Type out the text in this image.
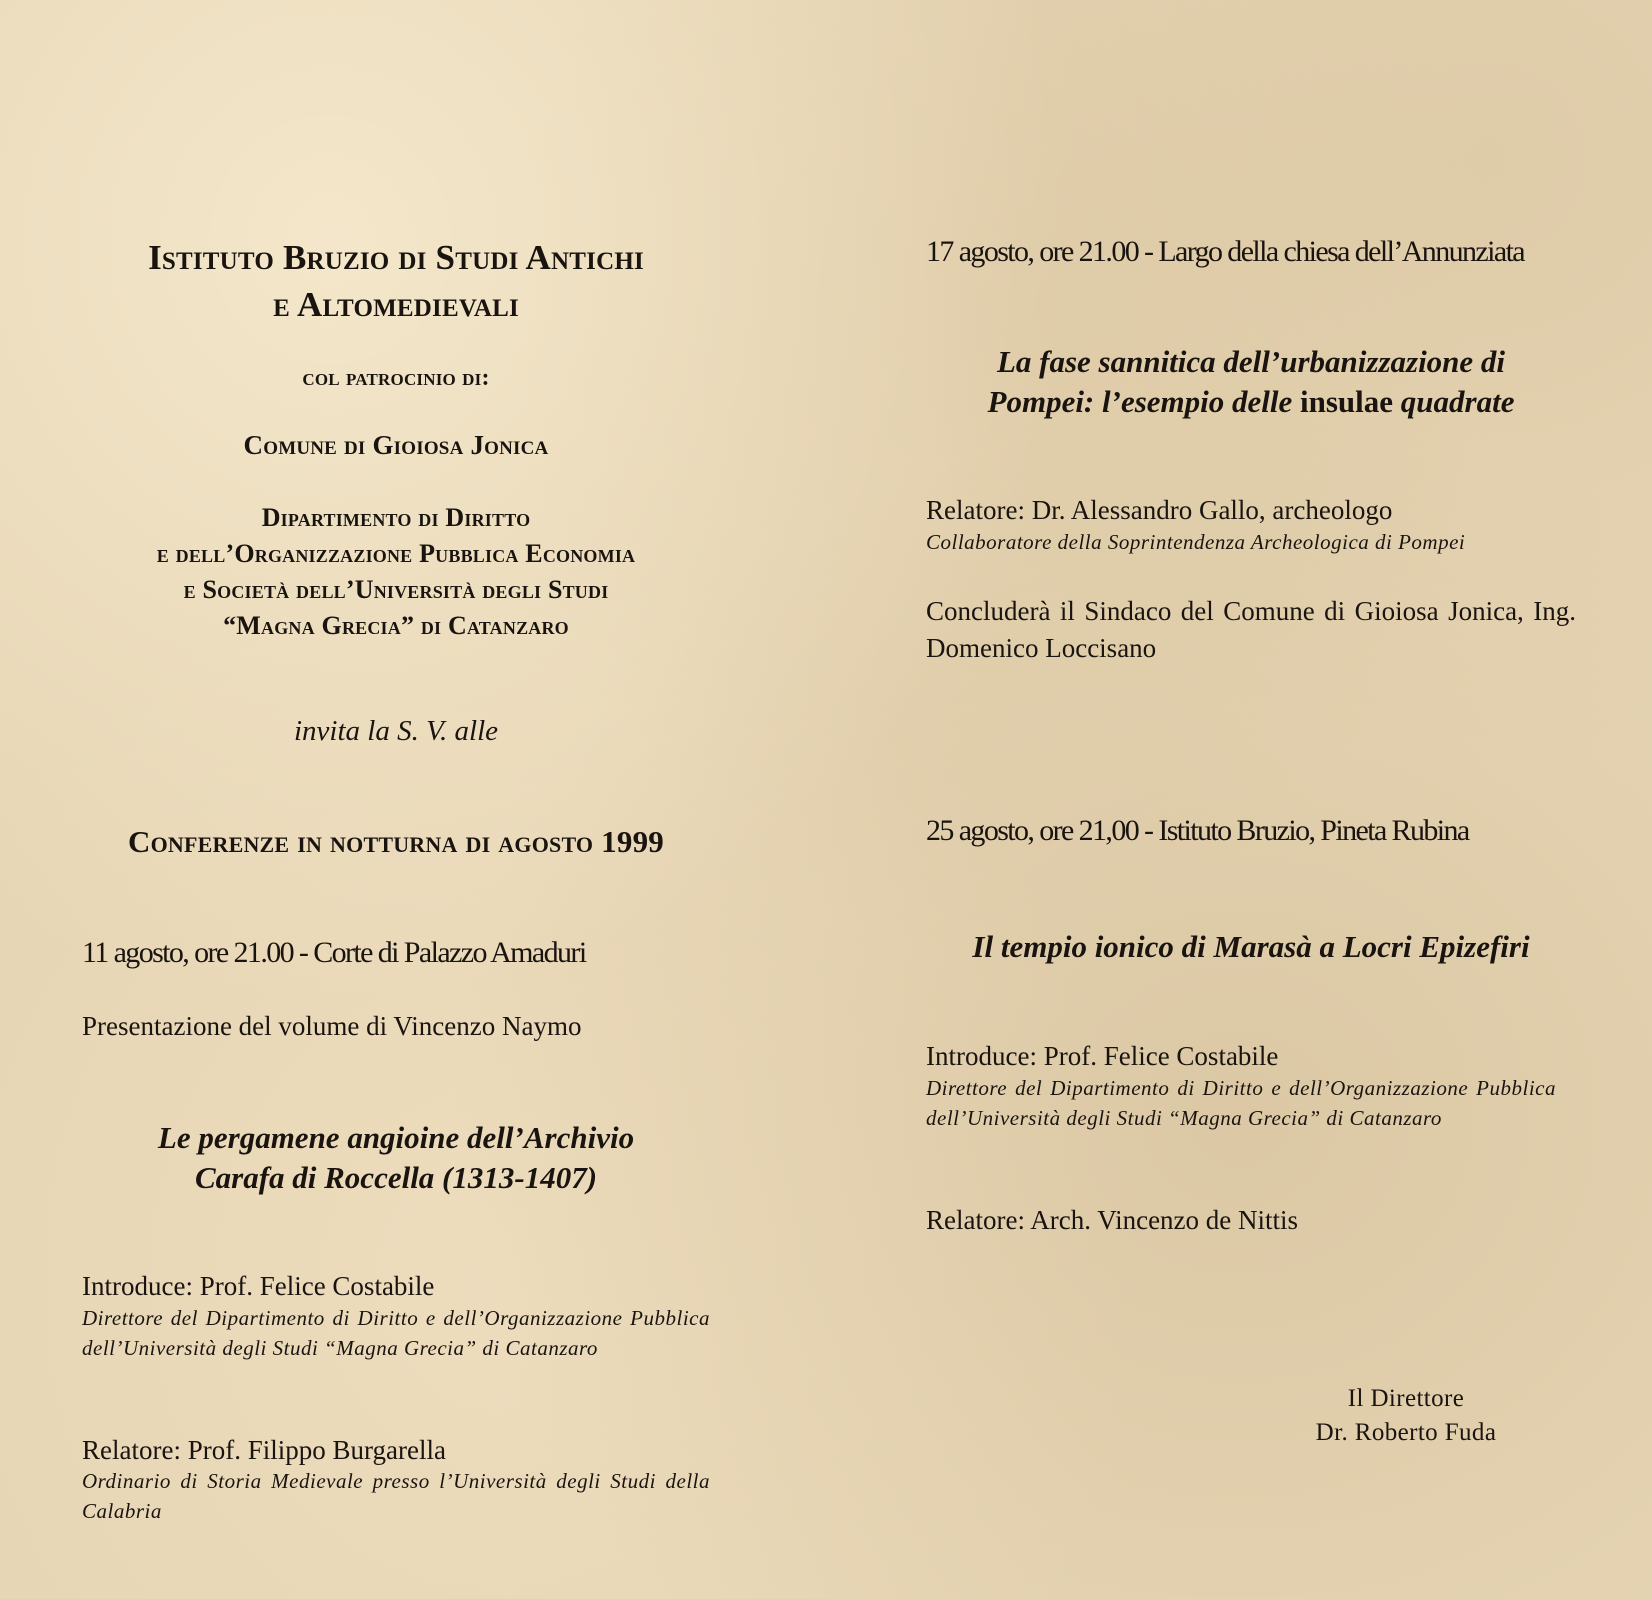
Istituto Bruzio di Studi Antichi

e Altomedievali

col patrocinio di:

Comune di Gioiosa Jonica

Dipartimento di Diritto
e dell’Organizzazione Pubblica Economia
e Società dell’Università degli Studi
“Magna Grecia” di Catanzaro

invita la S. V. alle

Conferenze in notturna di agosto 1999

11 agosto, ore 21.00 - Corte di Palazzo Amaduri

Presentazione del volume di Vincenzo Naymo

Le pergamene angioine dell’Archivio
Carafa di Roccella (1313-1407)

Introduce: Prof. Felice Costabile

Direttore del Dipartimento di Diritto e dell’Organizzazione Pubblica dell’Università degli Studi “Magna Grecia” di Catanzaro

Relatore: Prof. Filippo Burgarella

Ordinario di Storia Medievale presso l’Università degli Studi della Calabria

17 agosto, ore 21.00 - Largo della chiesa dell’Annunziata

La fase sannitica dell’urbanizzazione di
Pompei: l’esempio delle insulae quadrate

Relatore: Dr. Alessandro Gallo, archeologo

Collaboratore della Soprintendenza Archeologica di Pompei

Concluderà il Sindaco del Comune di Gioiosa Jonica, Ing. Domenico Loccisano

25 agosto, ore 21,00 - Istituto Bruzio, Pineta Rubina

Il tempio ionico di Marasà a Locri Epizefiri

Introduce: Prof. Felice Costabile

Direttore del Dipartimento di Diritto e dell’Organizzazione Pubblica dell’Università degli Studi “Magna Grecia” di Catanzaro

Relatore: Arch. Vincenzo de Nittis

Il Direttore
Dr. Roberto Fuda
